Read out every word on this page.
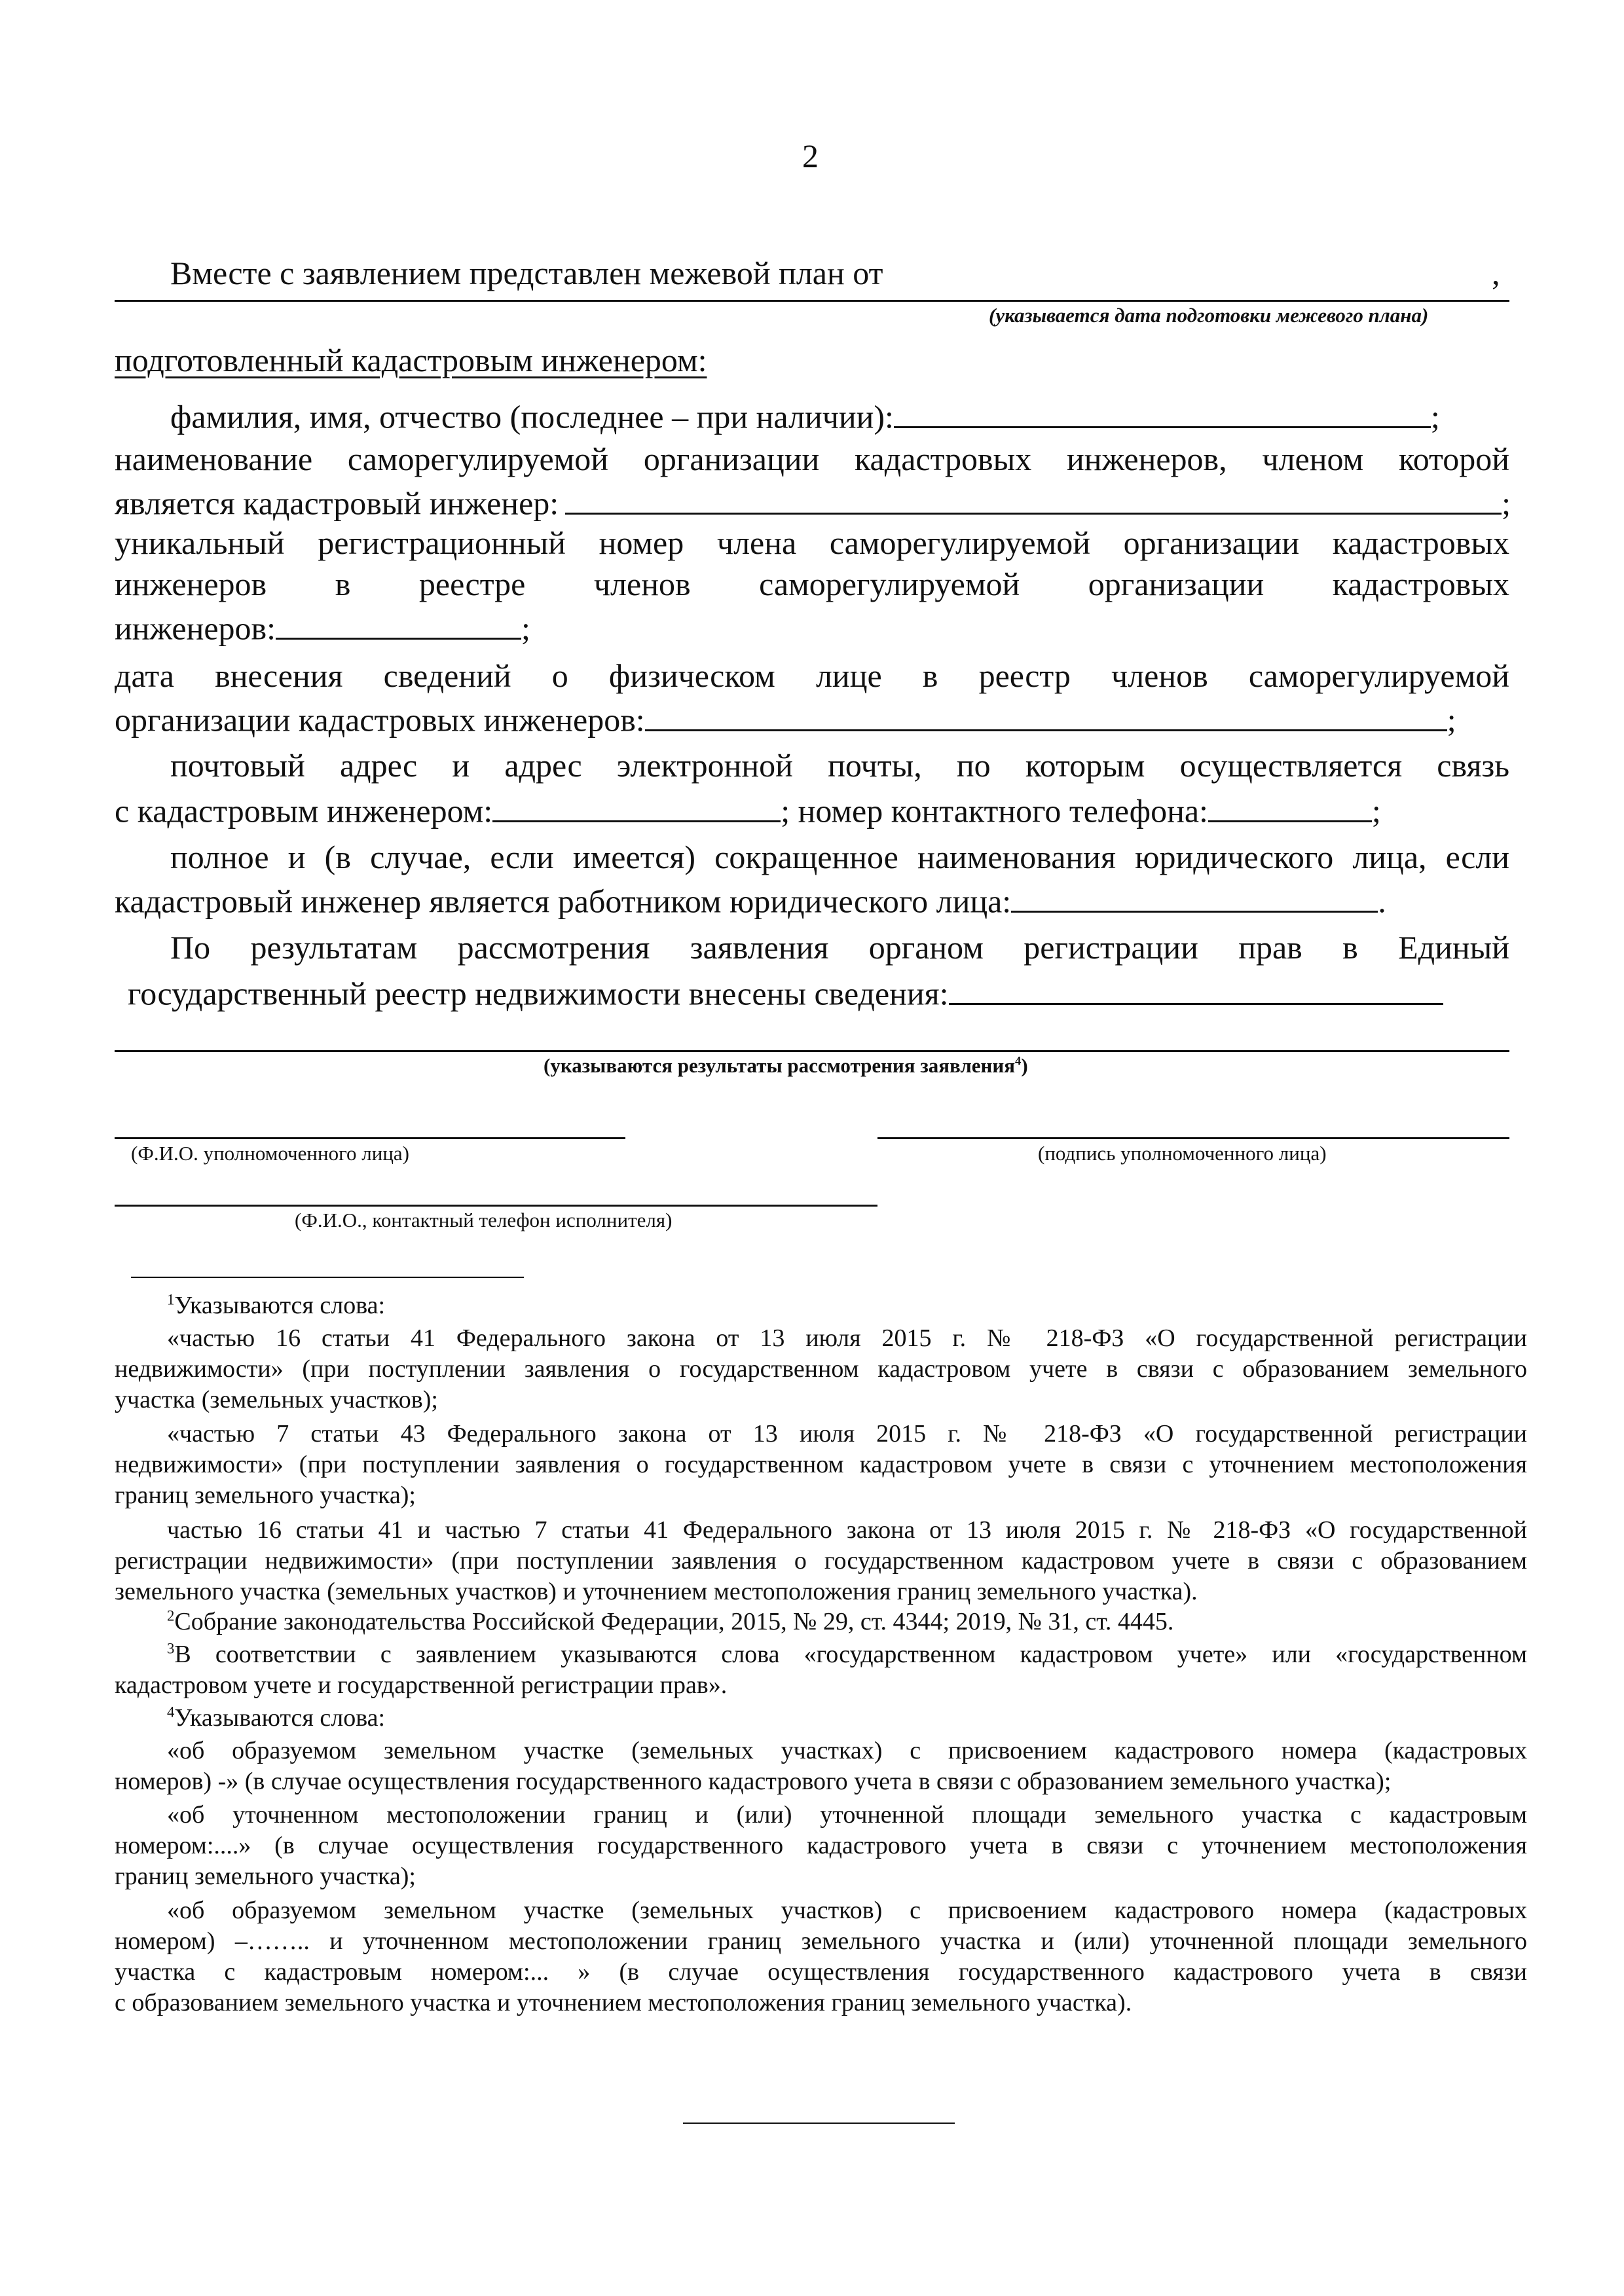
2
Вместе с заявлением представлен межевой план от	,
(указывается дата подготовки межевого плана)
подготовленный кадастровым инженером:
фамилия, имя, отчество (последнее – при наличии):	;
наименование саморегулируемой организации кадастровых инженеров, членом которой
является кадастровый инженер:	;
уникальный регистрационный номер члена саморегулируемой организации кадастровых
инженеров в реестре членов саморегулируемой организации кадастровых
инженеров:	;
дата внесения сведений о физическом лице в реестр членов саморегулируемой
организации кадастровых инженеров:	;
почтовый адрес и адрес электронной почты, по которым осуществляется связь
с кадастровым инженером:	; номер контактного телефона:	;
полное и (в случае, если имеется) сокращенное наименования юридического лица, если
кадастровый инженер является работником юридического лица:	.
По результатам рассмотрения заявления органом регистрации прав в Единый
государственный реестр недвижимости внесены сведения:
(указываются результаты рассмотрения заявления$^4$)
(Ф.И.О. уполномоченного лица)	(подпись уполномоченного лица)
(Ф.И.О., контактный телефон исполнителя)
$^1$Указываются слова:
«частью 16 статьи 41 Федерального закона от 13 июля 2015 г. № 218-ФЗ «О государственной регистрации
недвижимости» (при поступлении заявления о государственном кадастровом учете в связи с образованием земельного
участка (земельных участков);
«частью 7 статьи 43 Федерального закона от 13 июля 2015 г. № 218-ФЗ «О государственной регистрации
недвижимости» (при поступлении заявления о государственном кадастровом учете в связи с уточнением местоположения
границ земельного участка);
частью 16 статьи 41 и частью 7 статьи 41 Федерального закона от 13 июля 2015 г. № 218-ФЗ «О государственной
регистрации недвижимости» (при поступлении заявления о государственном кадастровом учете в связи с образованием
земельного участка (земельных участков) и уточнением местоположения границ земельного участка).
$^2$Собрание законодательства Российской Федерации, 2015, № 29, ст. 4344; 2019, № 31, ст. 4445.
$^3$В соответствии с заявлением указываются слова «государственном кадастровом учете» или «государственном
кадастровом учете и государственной регистрации прав».
$^4$Указываются слова:
«об образуемом земельном участке (земельных участках) с присвоением кадастрового номера (кадастровых
номеров) -» (в случае осуществления государственного кадастрового учета в связи с образованием земельного участка);
«об уточненном местоположении границ и (или) уточненной площади земельного участка с кадастровым
номером:....» (в случае осуществления государственного кадастрового учета в связи с уточнением местоположения
границ земельного участка);
«об образуемом земельном участке (земельных участков) с присвоением кадастрового номера (кадастровых
номером) –…….. и уточненном местоположении границ земельного участка и (или) уточненной площади земельного
участка с кадастровым номером:... » (в случае осуществления государственного кадастрового учета в связи
с образованием земельного участка и уточнением местоположения границ земельного участка).
